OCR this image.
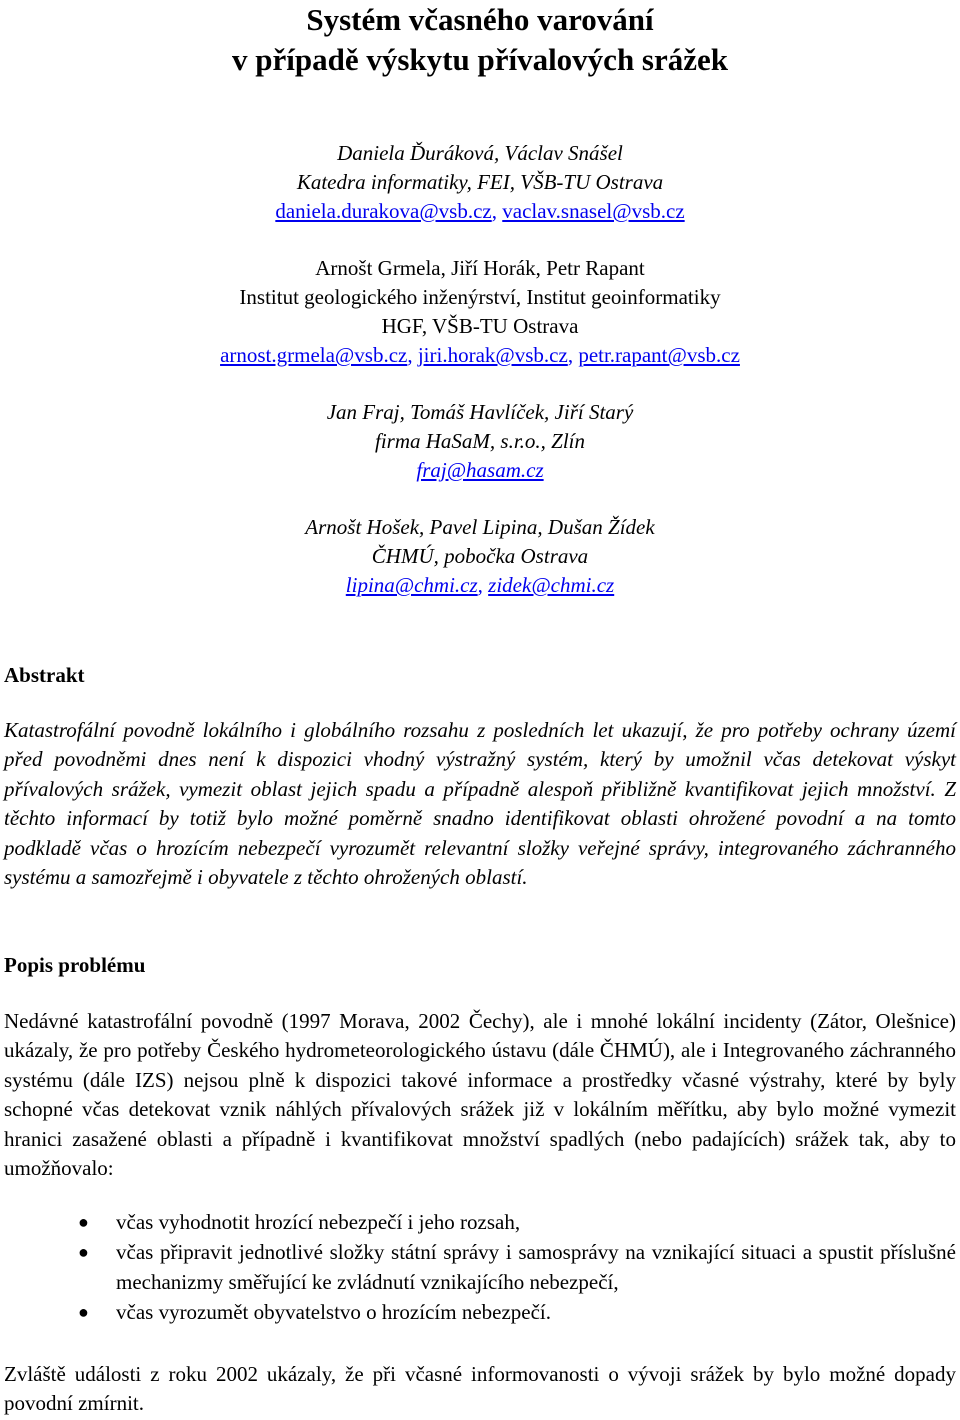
Systém včasného varování
v případě výskytu přívalových srážek
Daniela Ďuráková, Václav Snášel
Katedra informatiky, FEI, VŠB-TU Ostrava
daniela.durakova@vsb.cz, vaclav.snasel@vsb.cz
Arnošt Grmela, Jiří Horák, Petr Rapant
Institut geologického inženýrství, Institut geoinformatiky
HGF, VŠB-TU Ostrava
arnost.grmela@vsb.cz, jiri.horak@vsb.cz, petr.rapant@vsb.cz
Jan Fraj, Tomáš Havlíček, Jiří Starý
firma HaSaM, s.r.o., Zlín
fraj@hasam.cz
Arnošt Hošek, Pavel Lipina, Dušan Žídek
ČHMÚ, pobočka Ostrava
lipina@chmi.cz, zidek@chmi.cz
Abstrakt
Katastrofální povodně lokálního i globálního rozsahu z posledních let ukazují, že pro potřeby ochrany území před povodněmi dnes není k dispozici vhodný výstražný systém, který by umožnil včas detekovat výskyt přívalových srážek, vymezit oblast jejich spadu a případně alespoň přibližně kvantifikovat jejich množství. Z těchto informací by totiž bylo možné poměrně snadno identifikovat oblasti ohrožené povodní a na tomto podkladě včas o hrozícím nebezpečí vyrozumět relevantní složky veřejné správy, integrovaného záchranného systému a samozřejmě i obyvatele z těchto ohrožených oblastí.
Popis problému
Nedávné katastrofální povodně (1997 Morava, 2002 Čechy), ale i mnohé lokální incidenty (Zátor, Olešnice) ukázaly, že pro potřeby Českého hydrometeorologického ústavu (dále ČHMÚ), ale i Integrovaného záchranného systému (dále IZS) nejsou plně k dispozici takové informace a prostředky včasné výstrahy, které by byly schopné včas detekovat vznik náhlých přívalových srážek již v lokálním měřítku, aby bylo možné vymezit hranici zasažené oblasti a případně i kvantifikovat množství spadlých (nebo padajících) srážek tak, aby to umožňovalo:
● včas vyhodnotit hrozící nebezpečí i jeho rozsah,
● včas připravit jednotlivé složky státní správy i samosprávy na vznikající situaci a spustit příslušné mechanizmy směřující ke zvládnutí vznikajícího nebezpečí,
● včas vyrozumět obyvatelstvo o hrozícím nebezpečí.
Zvláště události z roku 2002 ukázaly, že při včasné informovanosti o vývoji srážek by bylo možné dopady povodní zmírnit.
